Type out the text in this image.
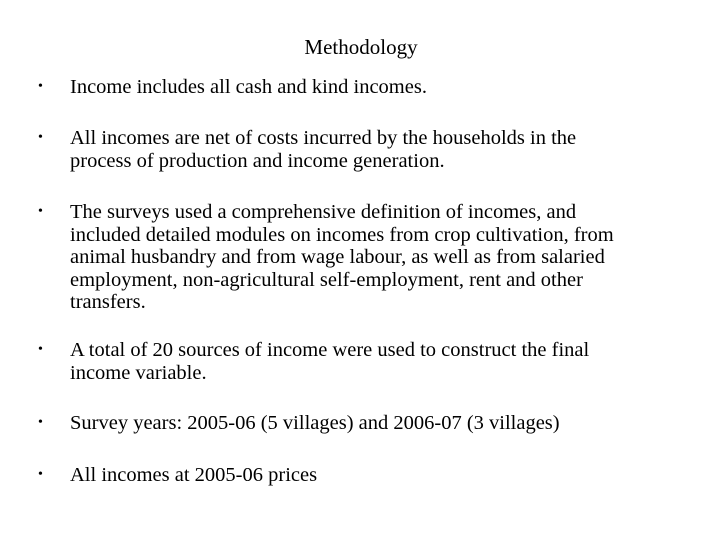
Methodology
• Income includes all cash and kind incomes.
• All incomes are net of costs incurred by the households in the process of production and income generation.
• The surveys used a comprehensive definition of incomes, and included detailed modules on incomes from crop cultivation, from animal husbandry and from wage labour, as well as from salaried employment, non-agricultural self-employment, rent and other transfers.
• A total of 20 sources of income were used to construct the final income variable.
• Survey years: 2005-06 (5 villages) and 2006-07 (3 villages)
• All incomes at 2005-06 prices
